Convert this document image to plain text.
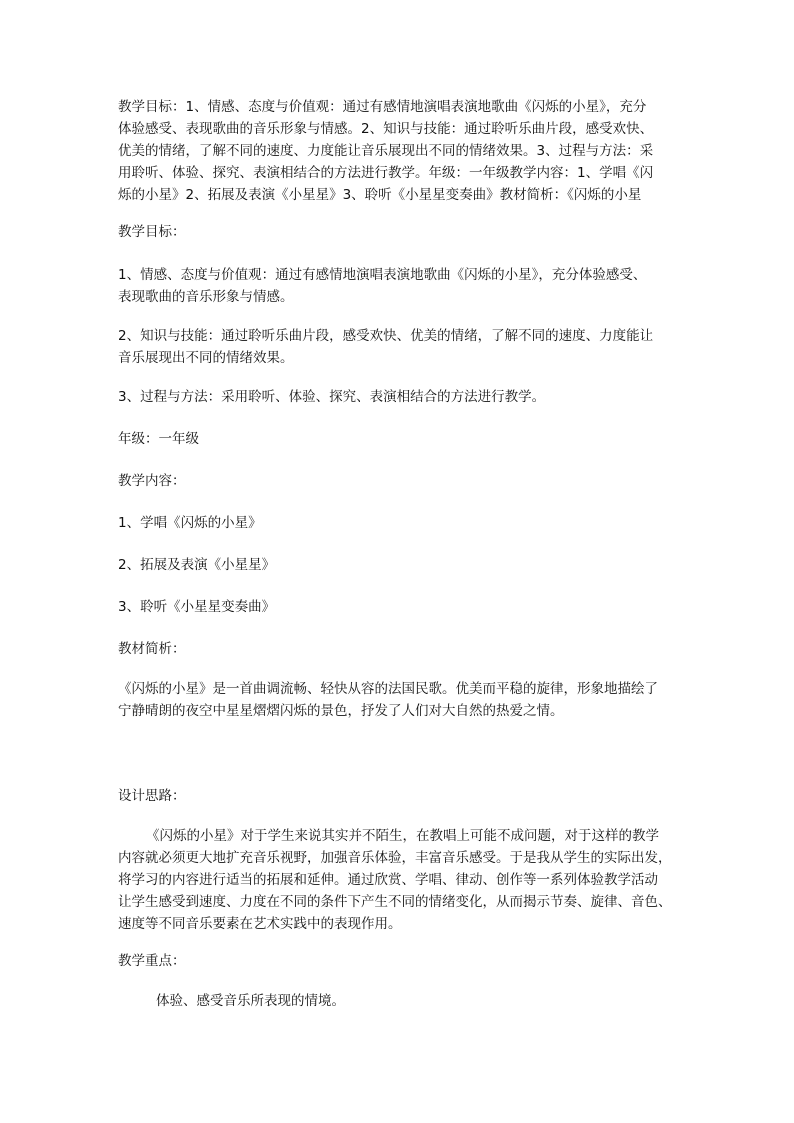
教学目标：1、情感、态度与价值观：通过有感情地演唱表演地歌曲《闪烁的小星》，充分
体验感受、表现歌曲的音乐形象与情感。2、知识与技能：通过聆听乐曲片段，感受欢快、
优美的情绪，了解不同的速度、力度能让音乐展现出不同的情绪效果。3、过程与方法：采
用聆听、体验、探究、表演相结合的方法进行教学。年级：一年级教学内容：1、学唱《闪
烁的小星》2、拓展及表演《小星星》3、聆听《小星星变奏曲》教材简析：《闪烁的小星
教学目标：
1、情感、态度与价值观：通过有感情地演唱表演地歌曲《闪烁的小星》，充分体验感受、
表现歌曲的音乐形象与情感。
2、知识与技能：通过聆听乐曲片段，感受欢快、优美的情绪，了解不同的速度、力度能让
音乐展现出不同的情绪效果。
3、过程与方法：采用聆听、体验、探究、表演相结合的方法进行教学。
年级：一年级
教学内容：
1、学唱《闪烁的小星》
2、拓展及表演《小星星》
3、聆听《小星星变奏曲》
教材简析：
《闪烁的小星》是一首曲调流畅、轻快从容的法国民歌。优美而平稳的旋律，形象地描绘了
宁静晴朗的夜空中星星熠熠闪烁的景色，抒发了人们对大自然的热爱之情。
设计思路：
《闪烁的小星》对于学生来说其实并不陌生，在教唱上可能不成问题，对于这样的教学
内容就必须更大地扩充音乐视野，加强音乐体验，丰富音乐感受。于是我从学生的实际出发，
将学习的内容进行适当的拓展和延伸。通过欣赏、学唱、律动、创作等一系列体验教学活动
让学生感受到速度、力度在不同的条件下产生不同的情绪变化，从而揭示节奏、旋律、音色、
速度等不同音乐要素在艺术实践中的表现作用。
教学重点：
体验、感受音乐所表现的情境。
